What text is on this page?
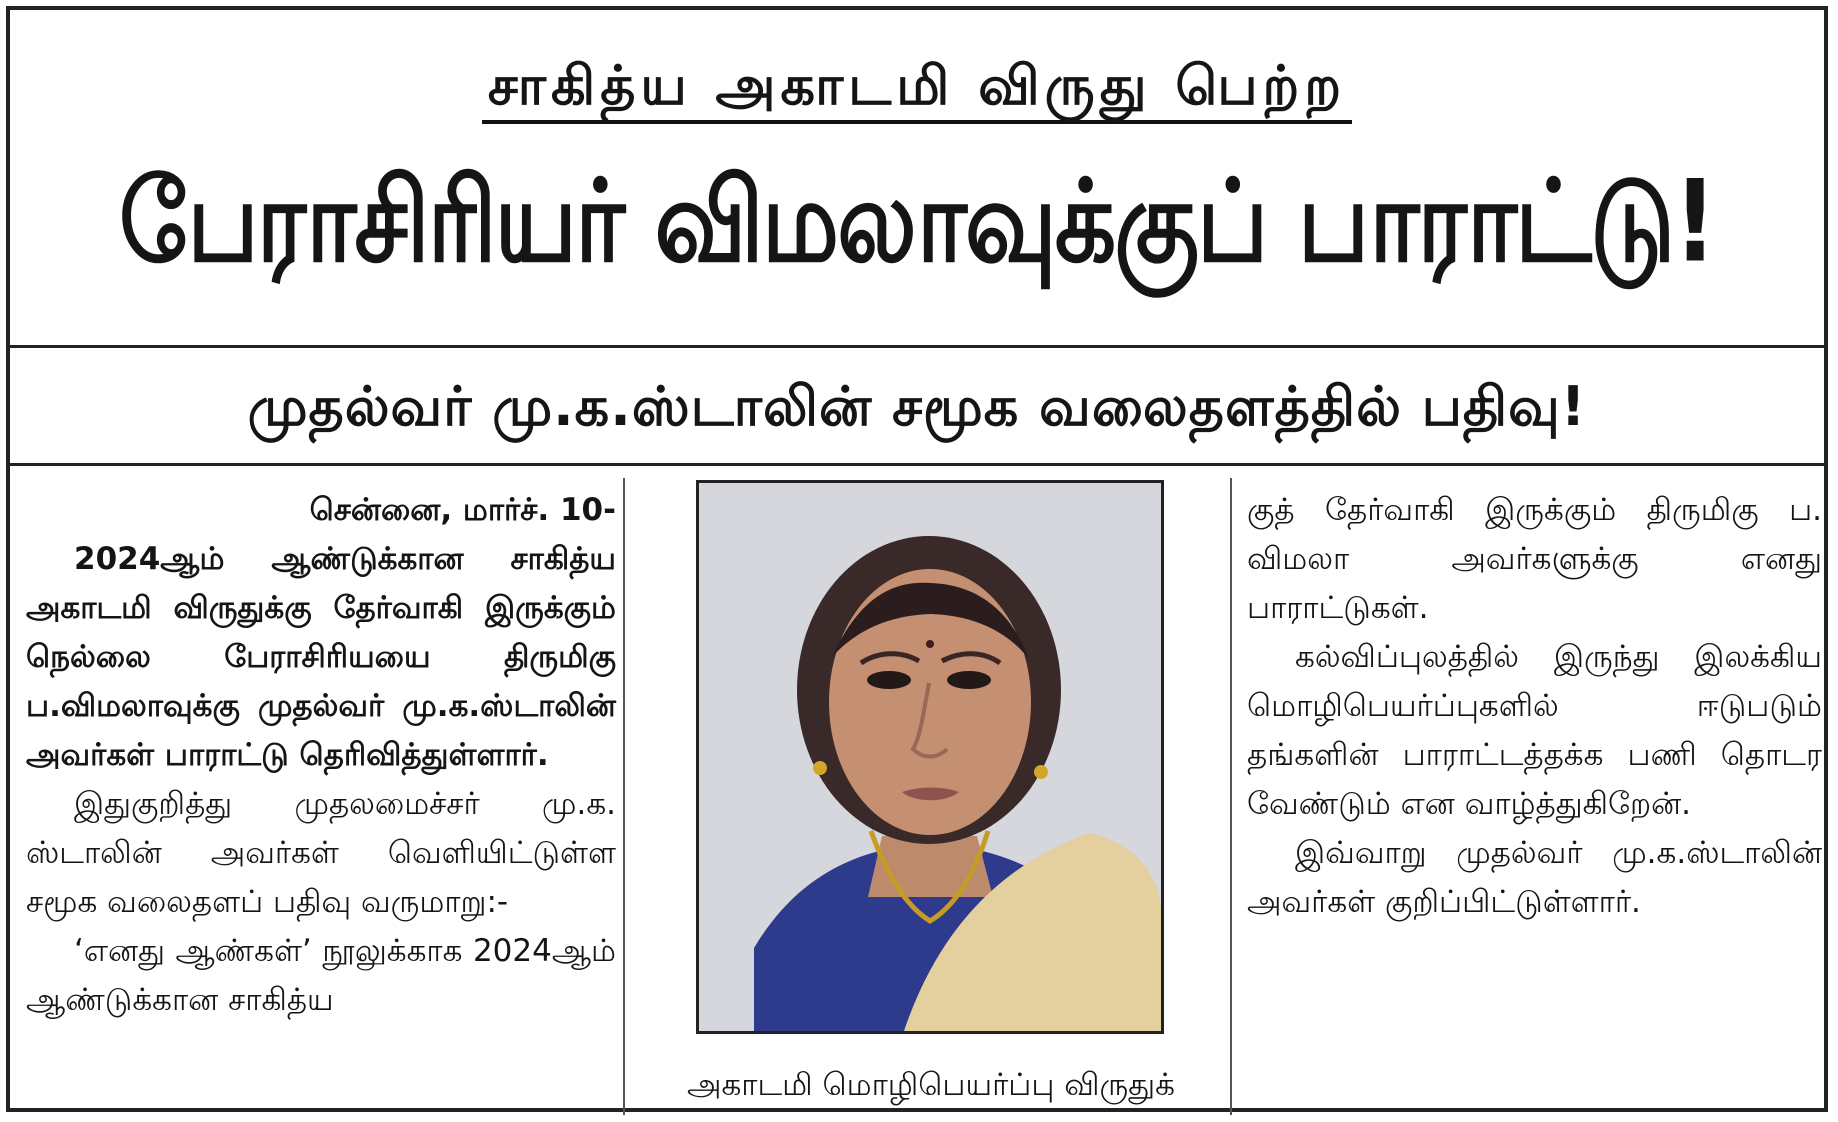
சாகித்ய அகாடமி விருது பெற்ற
பேராசிரியர் விமலாவுக்குப் பாராட்டு!
முதல்வர் மு.க.ஸ்டாலின் சமூக வலைதளத்தில் பதிவு!

சென்னை, மார்ச். 10-

2024ஆம் ஆண்டுக்கான சாகித்ய அகாடமி விருதுக்கு தேர்வாகி இருக்கும் நெல்லை பேராசிரியயை திருமிகு ப.விமலாவுக்கு முதல்வர் மு.க.ஸ்டாலின் அவர்கள் பாராட்டு தெரிவித்துள்ளார்.

இதுகுறித்து முதலமைச்சர் மு.க. ஸ்டாலின் அவர்கள் வெளியிட்டுள்ள சமூக வலைதளப் பதிவு வருமாறு:-

‘எனது ஆண்கள்’ நூலுக்காக 2024ஆம் ஆண்டுக்கான சாகித்ய

அகாடமி மொழிபெயர்ப்பு விருதுக்

குத் தேர்வாகி இருக்கும் திருமிகு ப. விமலா அவர்களுக்கு எனது பாராட்டுகள்.

கல்விப்புலத்தில் இருந்து இலக்கிய மொழிபெயர்ப்புகளில் ஈடுபடும் தங்களின் பாராட்டத்தக்க பணி தொடர வேண்டும் என வாழ்த்துகிறேன்.

இவ்வாறு முதல்வர் மு.க.ஸ்டாலின் அவர்கள் குறிப்பிட்டுள்ளார்.
